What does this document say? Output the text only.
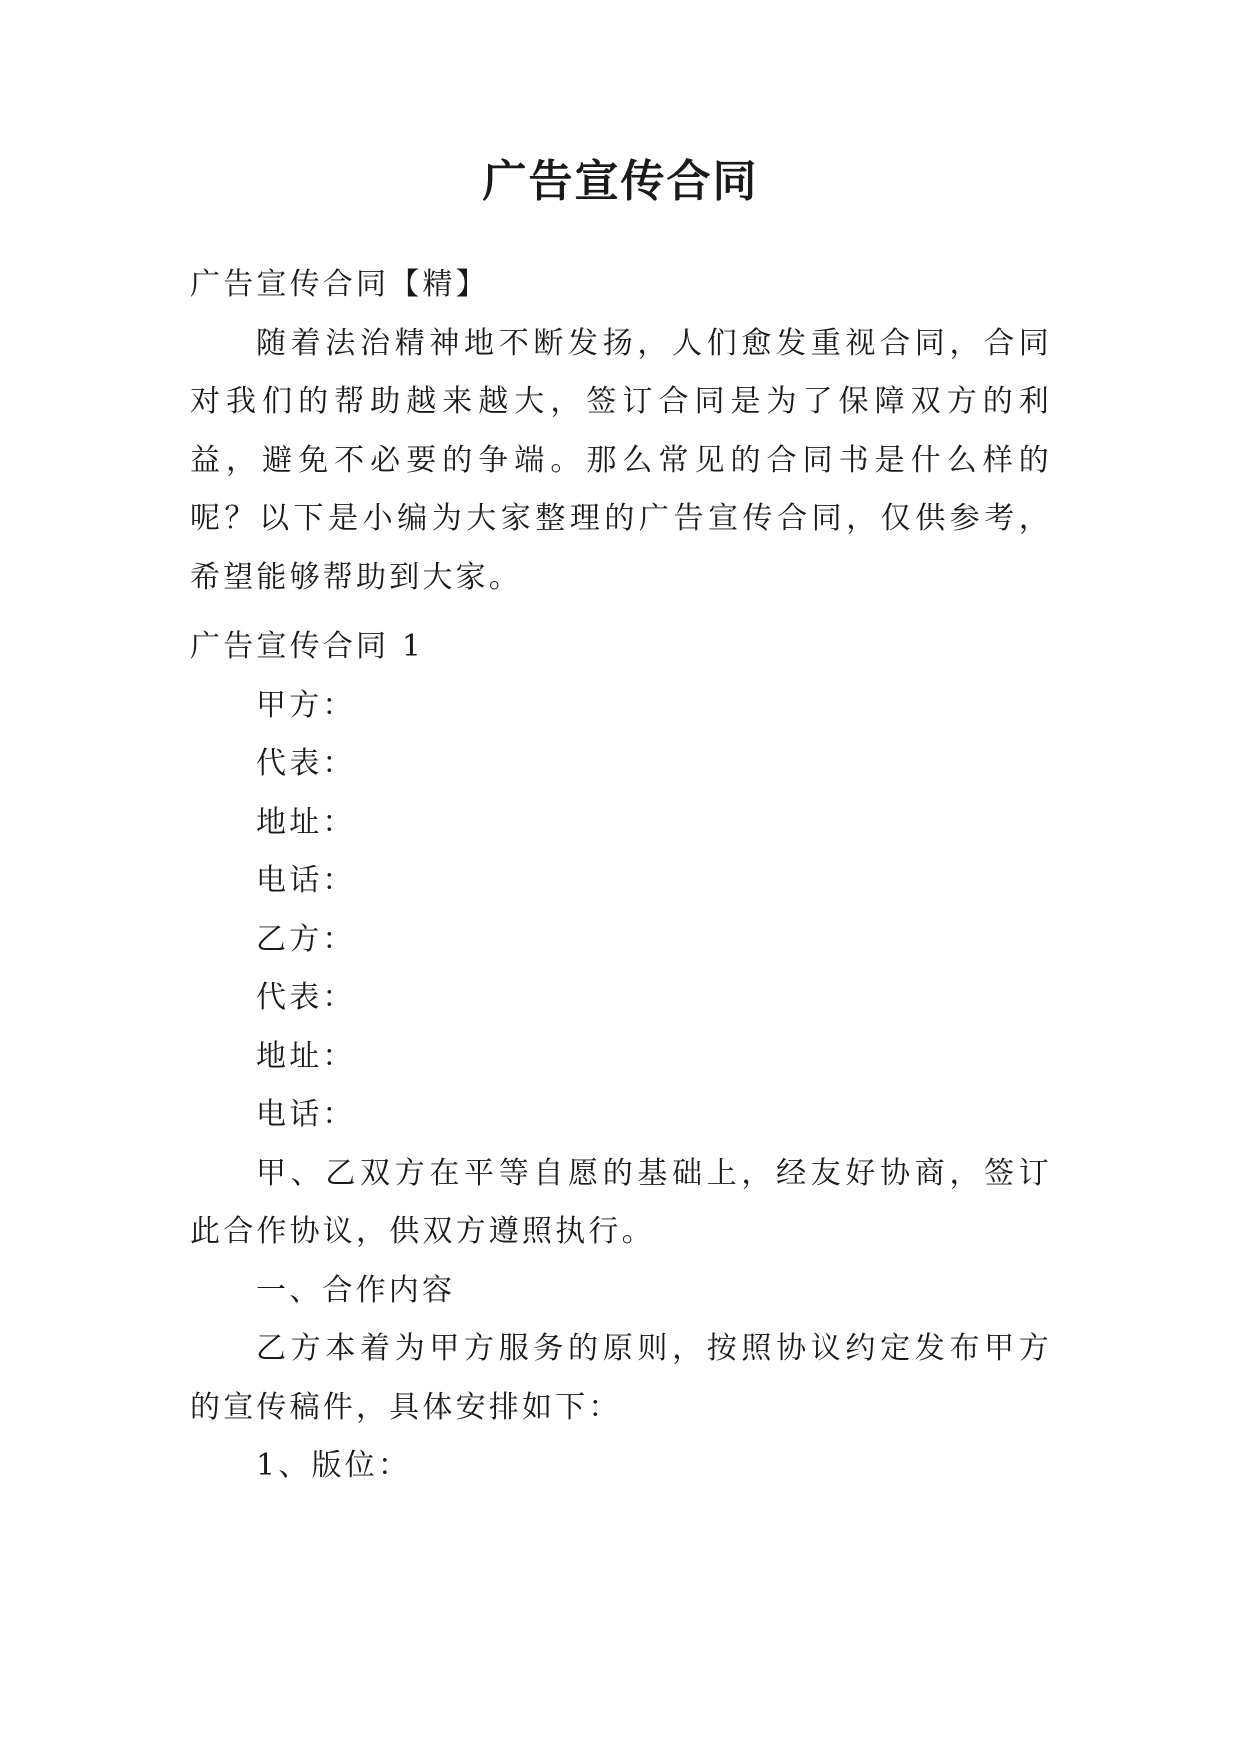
广告宣传合同

广告宣传合同【精】

随着法治精神地不断发扬，人们愈发重视合同，合同对我们的帮助越来越大，签订合同是为了保障双方的利益，避免不必要的争端。那么常见的合同书是什么样的呢？以下是小编为大家整理的广告宣传合同，仅供参考，希望能够帮助到大家。

广告宣传合同 1

甲方：

代表：

地址：

电话：

乙方：

代表：

地址：

电话：

甲、乙双方在平等自愿的基础上，经友好协商，签订此合作协议，供双方遵照执行。

一、合作内容

乙方本着为甲方服务的原则，按照协议约定发布甲方的宣传稿件，具体安排如下：

1、版位：
